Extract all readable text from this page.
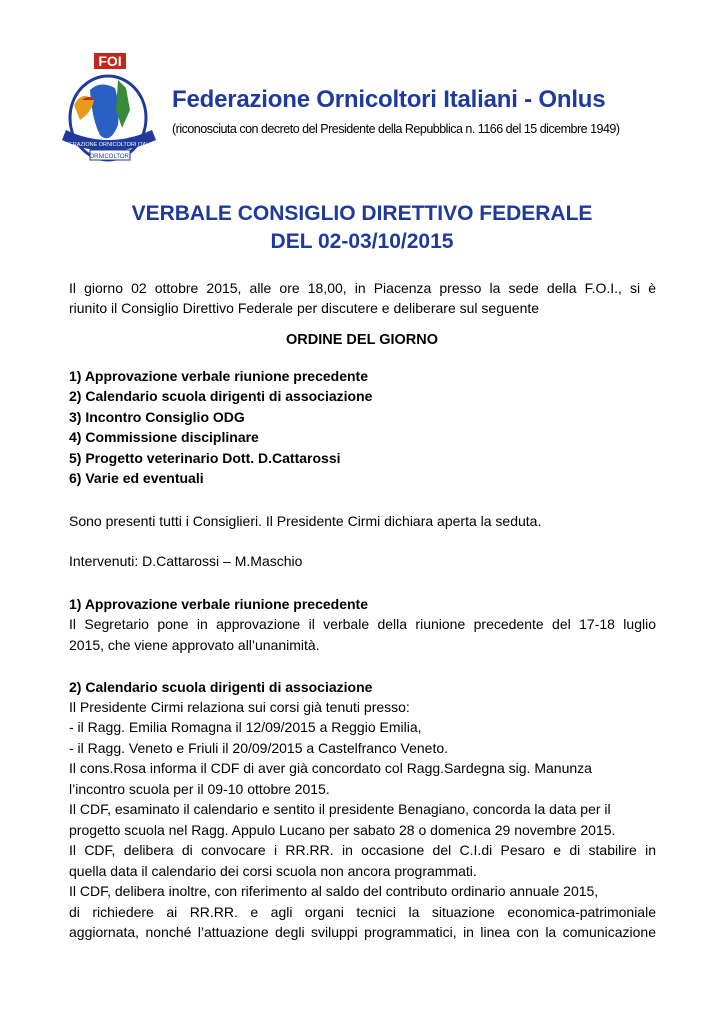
FEDERAZIONE ORNICOLTORI ITALIANI
FOI
ORNICOLTORI
Federazione Ornicoltori Italiani - Onlus
(riconosciuta con decreto del Presidente della Repubblica n. 1166 del 15 dicembre 1949)
VERBALE CONSIGLIO DIRETTIVO FEDERALE
DEL 02-03/10/2015
Il giorno 02 ottobre 2015, alle ore 18,00, in Piacenza presso la sede della F.O.I., si è
riunito il Consiglio Direttivo Federale per discutere e deliberare sul seguente
ORDINE DEL GIORNO
1) Approvazione verbale riunione precedente
2) Calendario scuola dirigenti di associazione
3) Incontro Consiglio ODG
4) Commissione disciplinare
5) Progetto veterinario Dott. D.Cattarossi
6) Varie ed eventuali
Sono presenti tutti i Consiglieri. Il Presidente Cirmi dichiara aperta la seduta.
Intervenuti: D.Cattarossi – M.Maschio
1) Approvazione verbale riunione precedente
Il Segretario pone in approvazione il verbale della riunione precedente del 17-18 luglio
2015, che viene approvato all’unanimità.
2) Calendario scuola dirigenti di associazione
Il Presidente Cirmi relaziona sui corsi già tenuti presso:
- il Ragg. Emilia Romagna il 12/09/2015 a Reggio Emilia,
- il Ragg. Veneto e Friuli il 20/09/2015 a Castelfranco Veneto.
Il cons.Rosa informa il CDF di aver già concordato col Ragg.Sardegna sig. Manunza
l’incontro scuola per il 09-10 ottobre 2015.
Il CDF, esaminato il calendario e sentito il presidente Benagiano, concorda la data per il
progetto scuola nel Ragg. Appulo Lucano per sabato 28 o domenica 29 novembre 2015.
Il CDF, delibera di convocare i RR.RR. in occasione del C.I.di Pesaro e di stabilire in
quella data il calendario dei corsi scuola non ancora programmati.
Il CDF, delibera inoltre, con riferimento al saldo del contributo ordinario annuale 2015,
di richiedere ai RR.RR. e agli organi tecnici la situazione economica-patrimoniale
aggiornata, nonché l’attuazione degli sviluppi programmatici, in linea con la comunicazione
